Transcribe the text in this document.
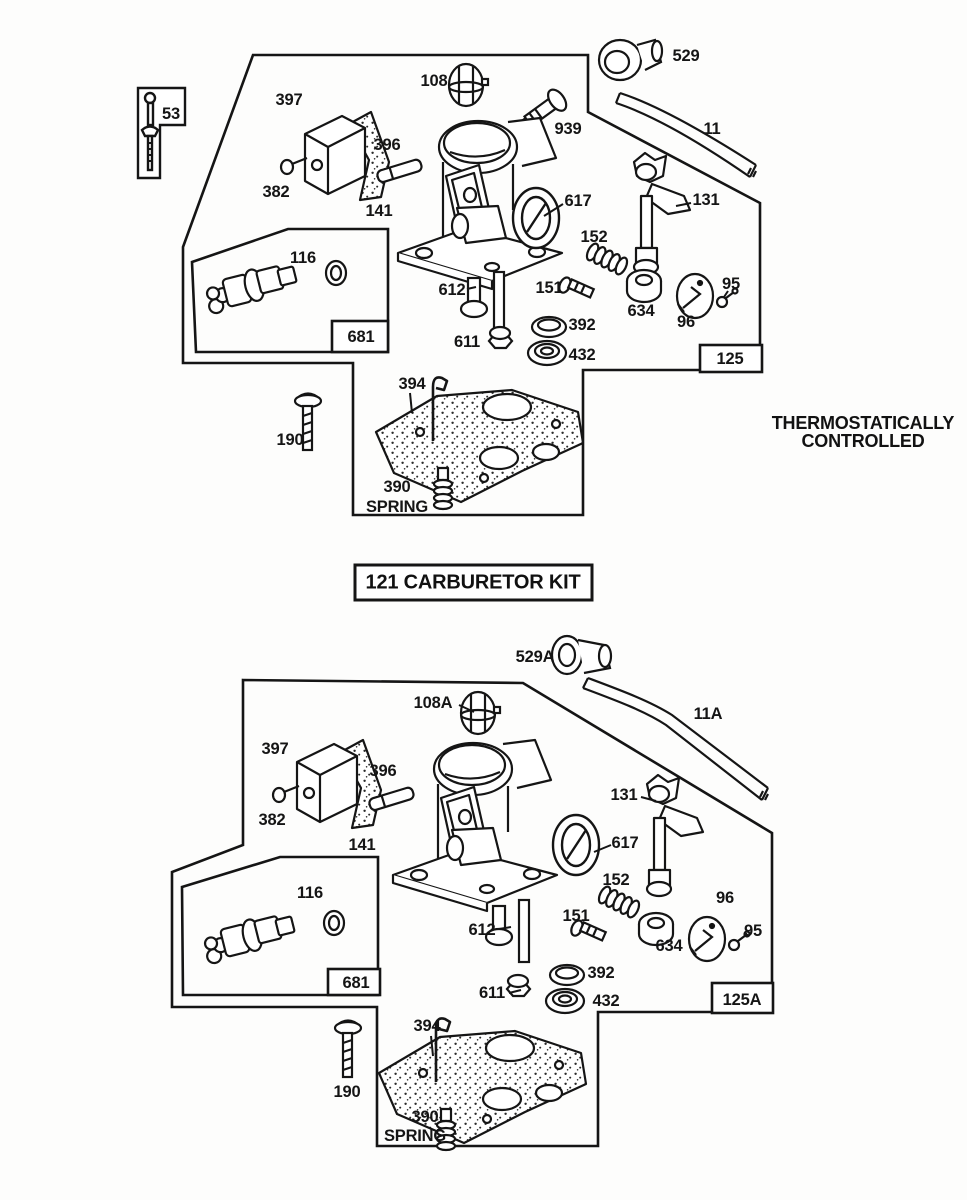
53
397
108
939
529
11
396
382
141
131
617
152
151
612
611
392
432
634
96
95
116
681
125
394
190
390
SPRING
529A
11A
108A
397
396
382
141
131
617
152
151
612
611
392
432
634
96
95
116
681
125A
394
190
390
SPRING
121 CARBURETOR KIT
THERMOSTATICALLY
CONTROLLED
